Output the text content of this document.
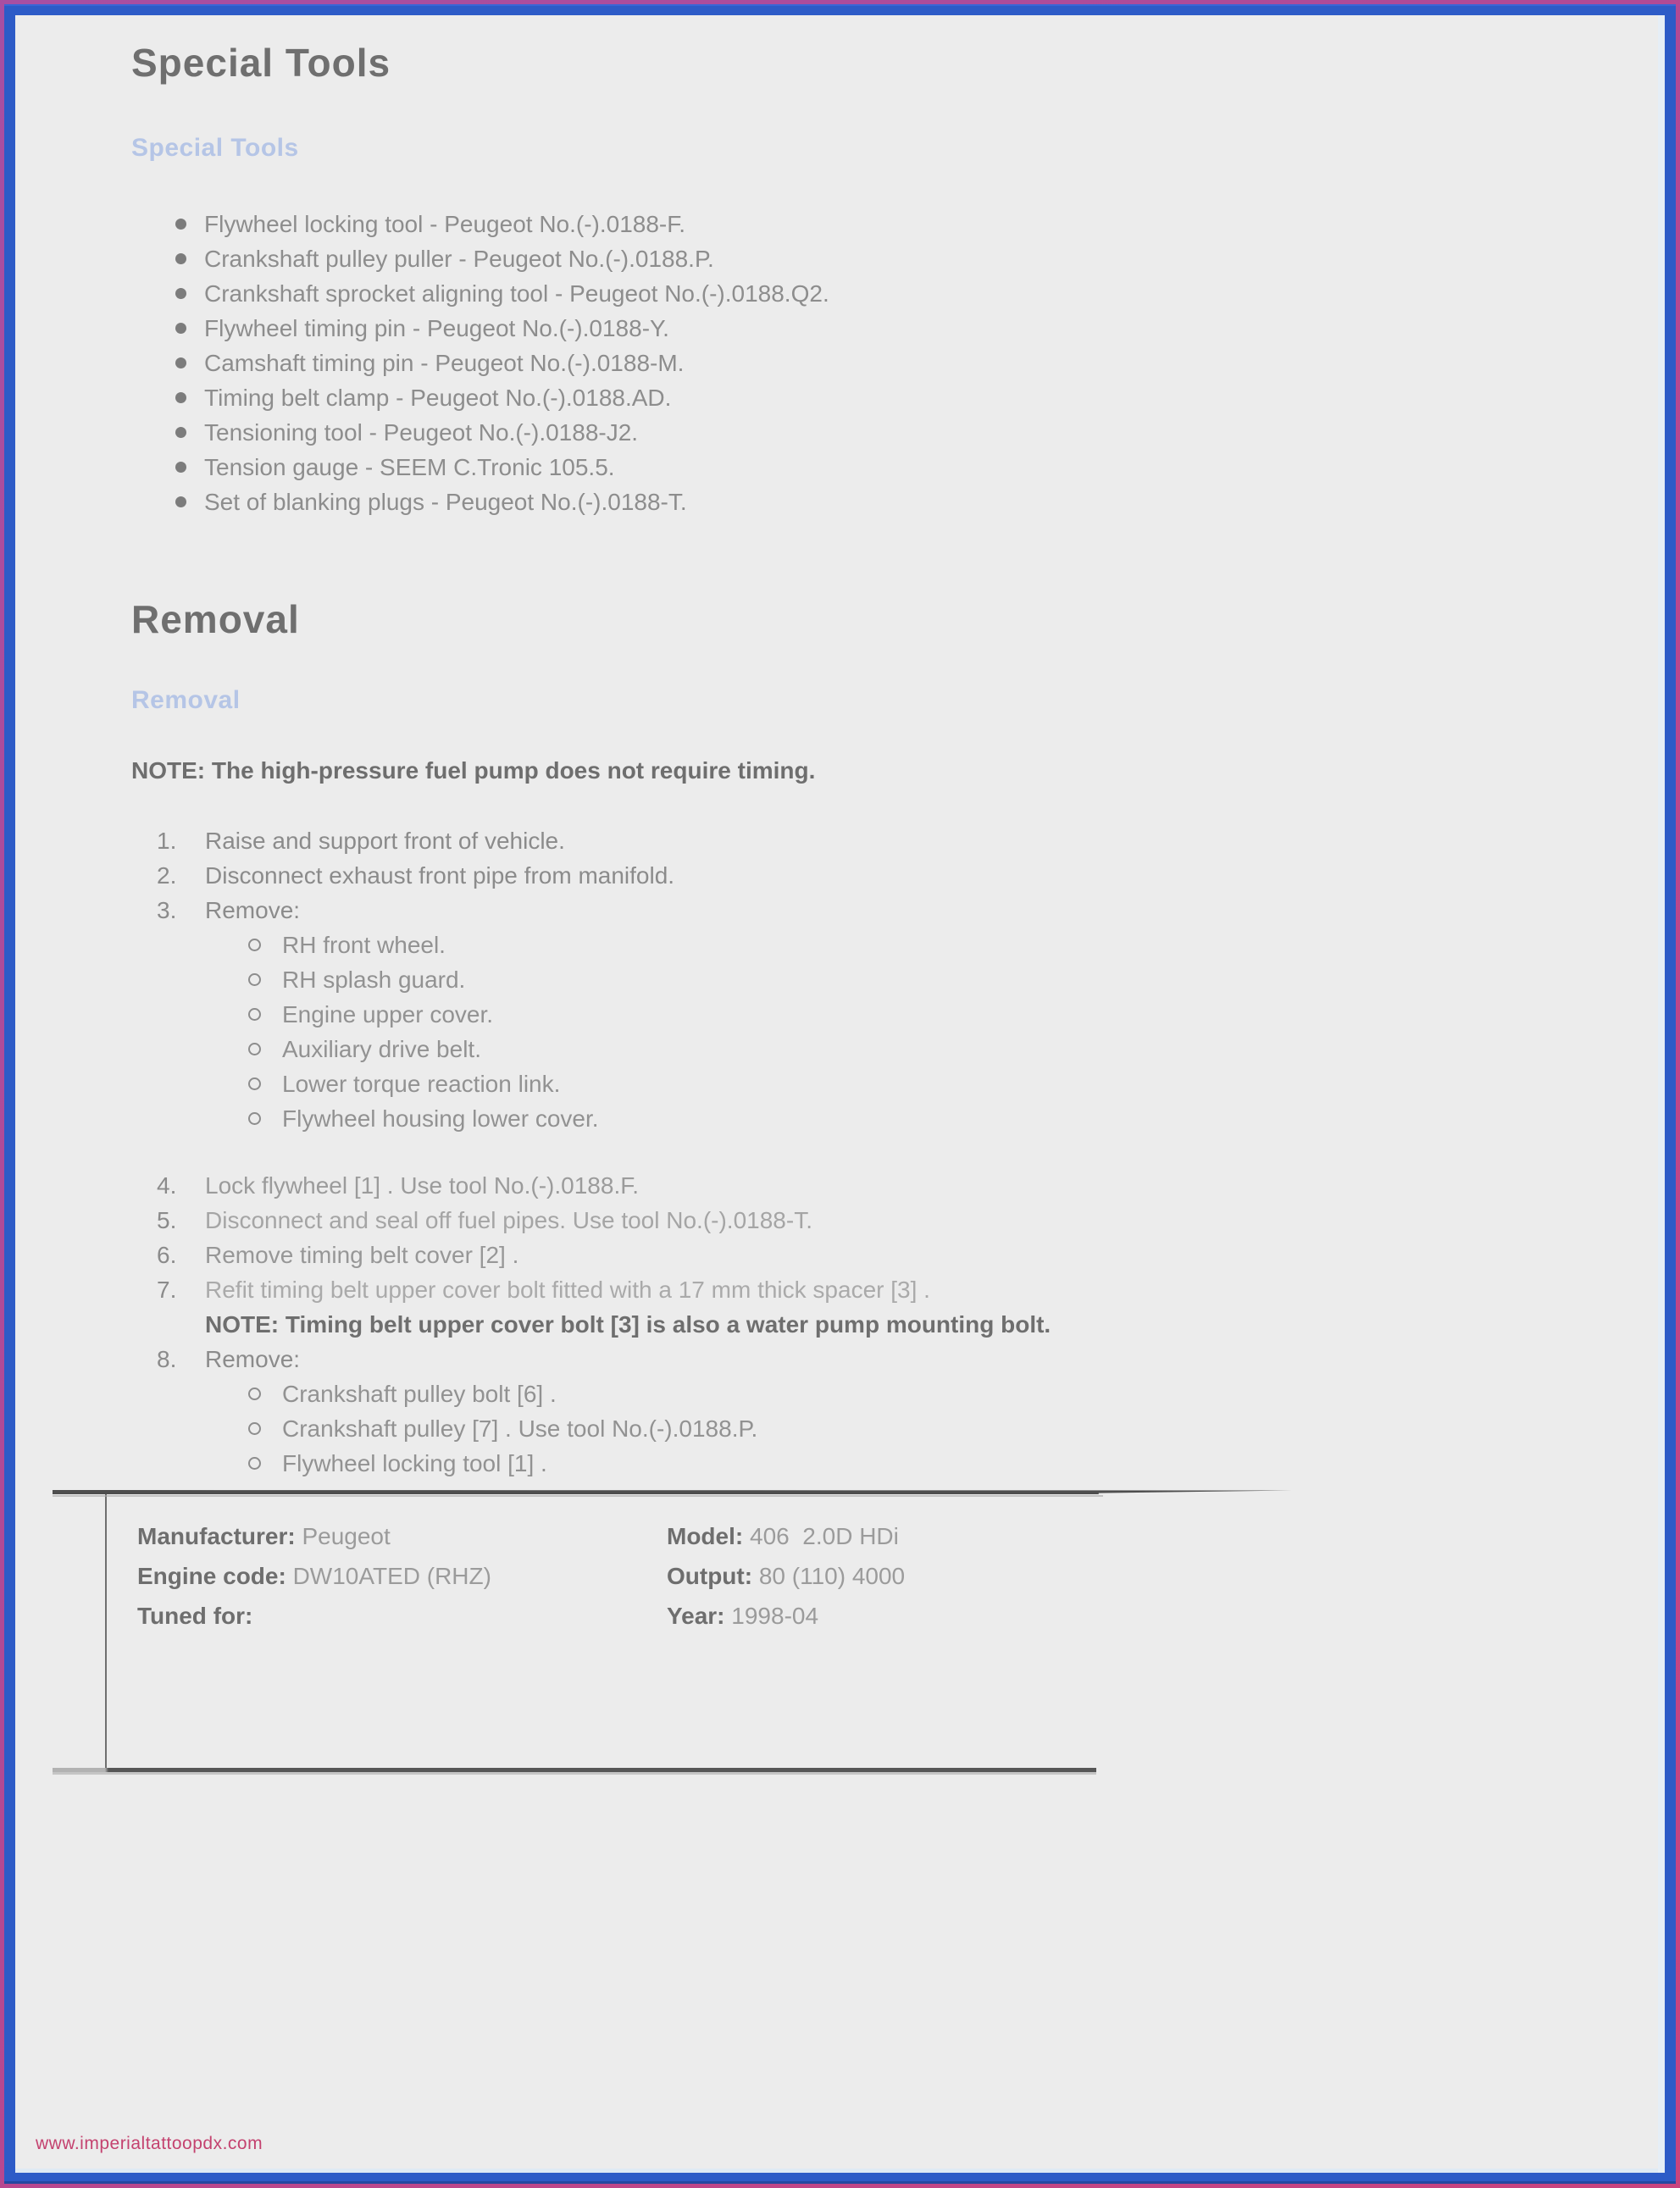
Special Tools
Special Tools
Flywheel locking tool - Peugeot No.(-).0188-F.
Crankshaft pulley puller - Peugeot No.(-).0188.P.
Crankshaft sprocket aligning tool - Peugeot No.(-).0188.Q2.
Flywheel timing pin - Peugeot No.(-).0188-Y.
Camshaft timing pin - Peugeot No.(-).0188-M.
Timing belt clamp - Peugeot No.(-).0188.AD.
Tensioning tool - Peugeot No.(-).0188-J2.
Tension gauge - SEEM C.Tronic 105.5.
Set of blanking plugs - Peugeot No.(-).0188-T.
Removal
Removal

NOTE: The high-pressure fuel pump does not require timing.

1.	Raise and support front of vehicle.
2.	Disconnect exhaust front pipe from manifold.
3.	Remove:
RH front wheel.
RH splash guard.
Engine upper cover.
Auxiliary drive belt.
Lower torque reaction link.
Flywheel housing lower cover.
4.	Lock flywheel [1] . Use tool No.(-).0188.F.
5.	Disconnect and seal off fuel pipes. Use tool No.(-).0188-T.
6.	Remove timing belt cover [2] .
7.	Refit timing belt upper cover bolt fitted with a 17 mm thick spacer [3] .
NOTE: Timing belt upper cover bolt [3] is also a water pump mounting bolt.
8.	Remove:
Crankshaft pulley bolt [6] .
Crankshaft pulley [7] . Use tool No.(-).0188.P.
Flywheel locking tool [1] .
Manufacturer: Peugeot	Model: 406  2.0D HDi
Engine code: DW10ATED (RHZ)	Output: 80 (110) 4000
Tuned for:	Year: 1998-04
www.imperialtattoopdx.com
